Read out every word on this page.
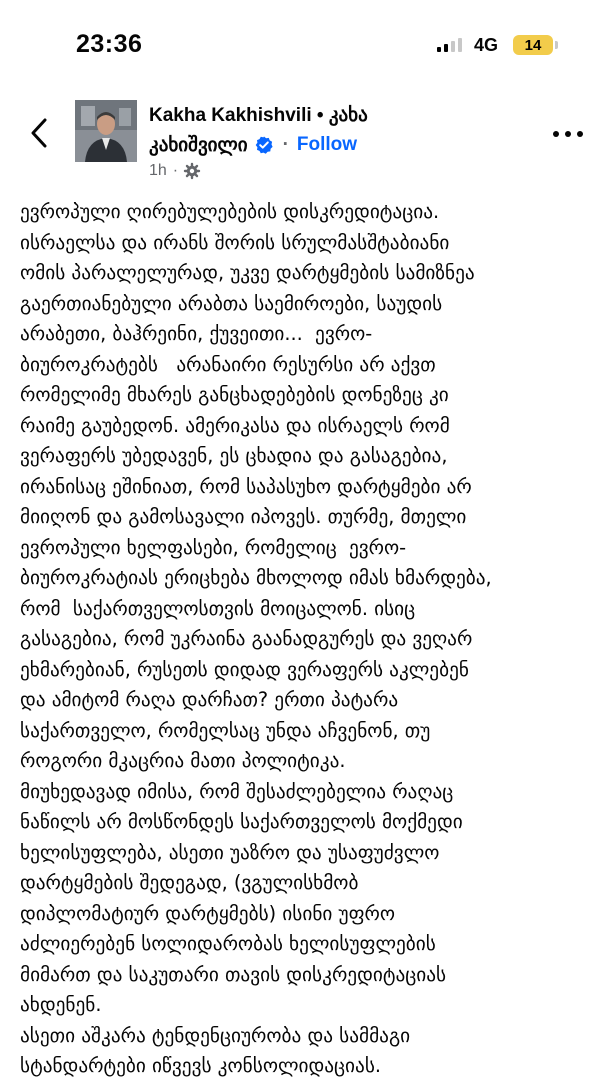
23:36	4G 14
Kakha Kakhishvili • კახა
კახიშვილი · Follow
1h ·
ევროპული ღირებულებების დისკრედიტაცია.
ისრაელსა და ირანს შორის სრულმასშტაბიანი
ომის პარალელურად, უკვე დარტყმების სამიზნეა
გაერთიანებული არაბთა საემიროები, საუდის
არაბეთი, ბაჰრეინი, ქუვეითი...  ევრო-
ბიუროკრატებს   არანაირი რესურსი არ აქვთ
რომელიმე მხარეს განცხადებების დონეზეც კი
რაიმე გაუბედონ. ამერიკასა და ისრაელს რომ
ვერაფერს უბედავენ, ეს ცხადია და გასაგებია,
ირანისაც ეშინიათ, რომ საპასუხო დარტყმები არ
მიიღონ და გამოსავალი იპოვეს. თურმე, მთელი
ევროპული ხელფასები, რომელიც  ევრო-
ბიუროკრატიას ერიცხება მხოლოდ იმას ხმარდება,
რომ  საქართველოსთვის მოიცალონ. ისიც
გასაგებია, რომ უკრაინა გაანადგურეს და ვეღარ
ეხმარებიან, რუსეთს დიდად ვერაფერს აკლებენ
და ამიტომ რაღა დარჩათ? ერთი პატარა
საქართველო, რომელსაც უნდა აჩვენონ, თუ
როგორი მკაცრია მათი პოლიტიკა.
მიუხედავად იმისა, რომ შესაძლებელია რაღაც
ნაწილს არ მოსწონდეს საქართველოს მოქმედი
ხელისუფლება, ასეთი უაზრო და უსაფუძვლო
დარტყმების შედეგად, (ვგულისხმობ
დიპლომატიურ დარტყმებს) ისინი უფრო
აძლიერებენ სოლიდარობას ხელისუფლების
მიმართ და საკუთარი თავის დისკრედიტაციას
ახდენენ.
ასეთი აშკარა ტენდენციურობა და სამმაგი
სტანდარტები იწვევს კონსოლიდაციას.
